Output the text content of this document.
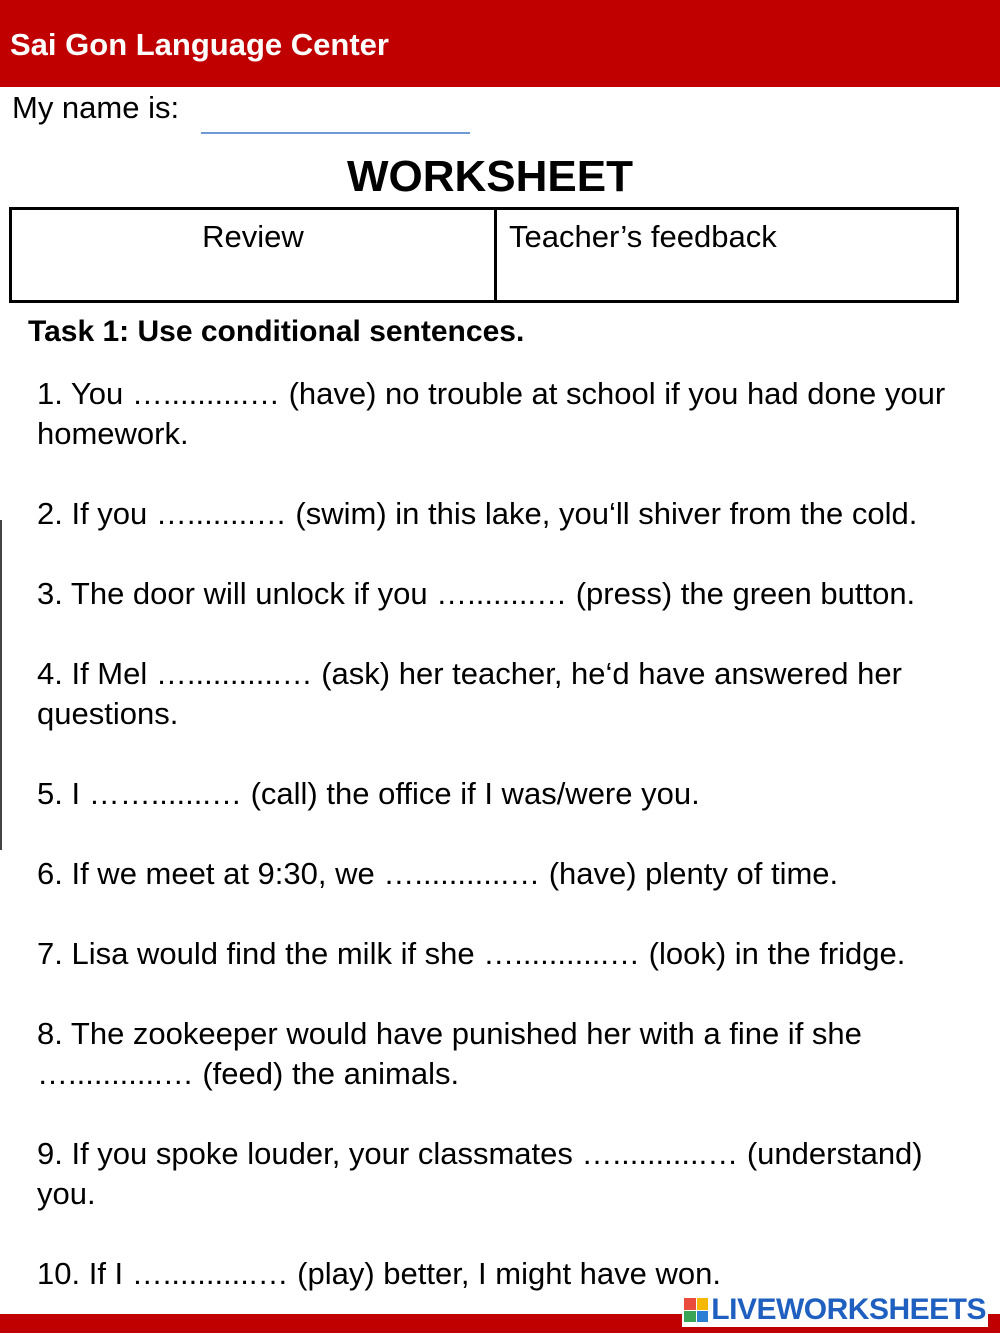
Sai Gon Language Center
My name is:
WORKSHEET
Review	Teacher’s feedback
Task 1: Use conditional sentences.
1. You …..........… (have) no trouble at school if you had done your homework.
2. If you …........… (swim) in this lake, you‘ll shiver from the cold.
3. The door will unlock if you …........… (press) the green button.
4. If Mel …...........… (ask) her teacher, he‘d have answered her questions.
5. I …….......… (call) the office if I was/were you.
6. If we meet at 9:30, we …...........… (have) plenty of time.
7. Lisa would find the milk if she …...........… (look) in the fridge.
8. The zookeeper would have punished her with a fine if she …...........… (feed) the animals.
9. If you spoke louder, your classmates …...........… (understand) you.
10. If I …...........… (play) better, I might have won.
LIVEWORKSHEETS
